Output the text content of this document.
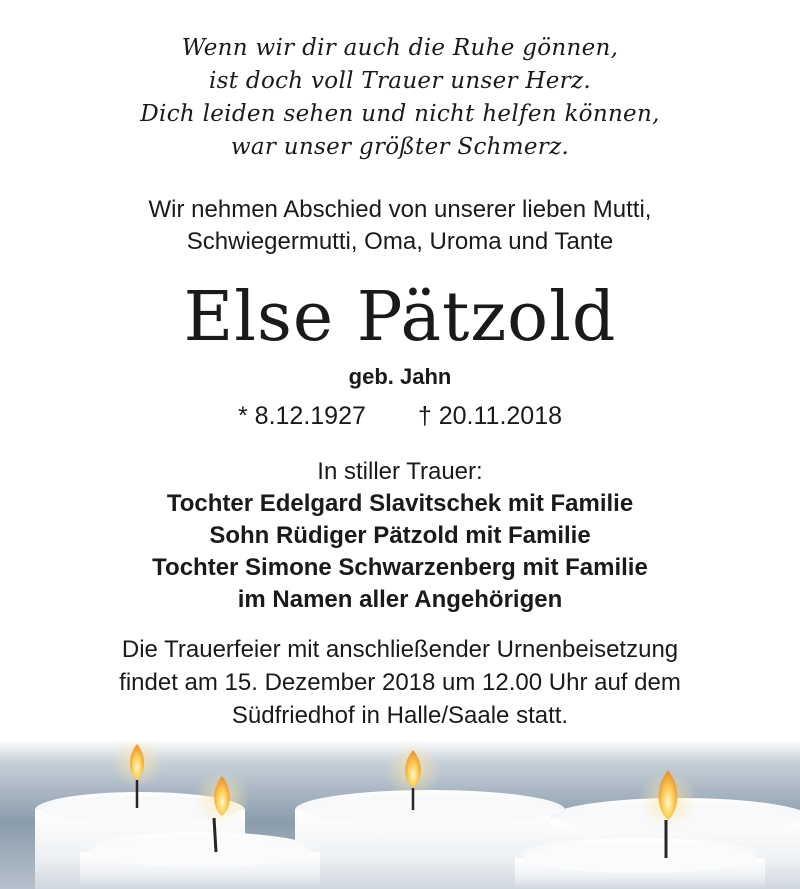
Wenn wir dir auch die Ruhe gönnen,
ist doch voll Trauer unser Herz.
Dich leiden sehen und nicht helfen können,
war unser größter Schmerz.
Wir nehmen Abschied von unserer lieben Mutti,
Schwiegermutti, Oma, Uroma und Tante
Else Pätzold
geb. Jahn
* 8.12.1927 † 20.11.2018
In stiller Trauer:
Tochter Edelgard Slavitschek mit Familie
Sohn Rüdiger Pätzold mit Familie
Tochter Simone Schwarzenberg mit Familie
im Namen aller Angehörigen
Die Trauerfeier mit anschließender Urnenbeisetzung
findet am 15. Dezember 2018 um 12.00 Uhr auf dem
Südfriedhof in Halle/Saale statt.
